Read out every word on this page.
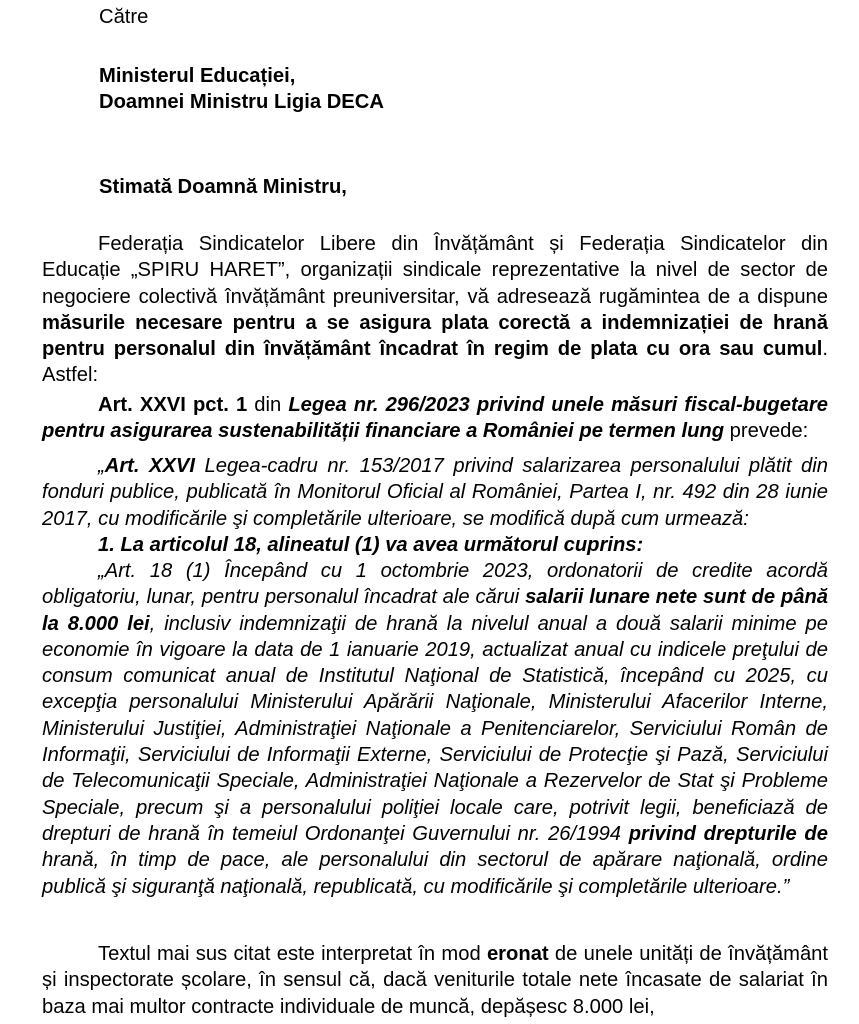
Către

Ministerul Educației,
Doamnei Ministru Ligia DECA

Stimată Doamnă Ministru,

Federația Sindicatelor Libere din Învățământ și Federația Sindicatelor din Educație „SPIRU HARET”, organizații sindicale reprezentative la nivel de sector de negociere colectivă învățământ preuniversitar, vă adresează rugămintea de a dispune măsurile necesare pentru a se asigura plata corectă a indemnizației de hrană pentru personalul din învățământ încadrat în regim de plata cu ora sau cumul. Astfel:

Art. XXVI pct. 1 din Legea nr. 296/2023 privind unele măsuri fiscal-bugetare pentru asigurarea sustenabilității financiare a României pe termen lung prevede:

„Art. XXVI Legea-cadru nr. 153/2017 privind salarizarea personalului plătit din fonduri publice, publicată în Monitorul Oficial al României, Partea I, nr. 492 din 28 iunie 2017, cu modificările şi completările ulterioare, se modifică după cum urmează:

1. La articolul 18, alineatul (1) va avea următorul cuprins:

„Art. 18 (1) Începând cu 1 octombrie 2023, ordonatorii de credite acordă obligatoriu, lunar, pentru personalul încadrat ale cărui salarii lunare nete sunt de până la 8.000 lei, inclusiv indemnizaţii de hrană la nivelul anual a două salarii minime pe economie în vigoare la data de 1 ianuarie 2019, actualizat anual cu indicele preţului de consum comunicat anual de Institutul Naţional de Statistică, începând cu 2025, cu excepţia personalului Ministerului Apărării Naţionale, Ministerului Afacerilor Interne, Ministerului Justiţiei, Administraţiei Naţionale a Penitenciarelor, Serviciului Român de Informaţii, Serviciului de Informaţii Externe, Serviciului de Protecţie şi Pază, Serviciului de Telecomunicaţii Speciale, Administraţiei Naţionale a Rezervelor de Stat şi Probleme Speciale, precum şi a personalului poliţiei locale care, potrivit legii, beneficiază de drepturi de hrană în temeiul Ordonanţei Guvernului nr. 26/1994 privind drepturile de hrană, în timp de pace, ale personalului din sectorul de apărare naţională, ordine publică şi siguranţă naţională, republicată, cu modificările şi completările ulterioare.”

Textul mai sus citat este interpretat în mod eronat de unele unități de învățământ și inspectorate școlare, în sensul că, dacă veniturile totale nete încasate de salariat în baza mai multor contracte individuale de muncă, depășesc 8.000 lei,
